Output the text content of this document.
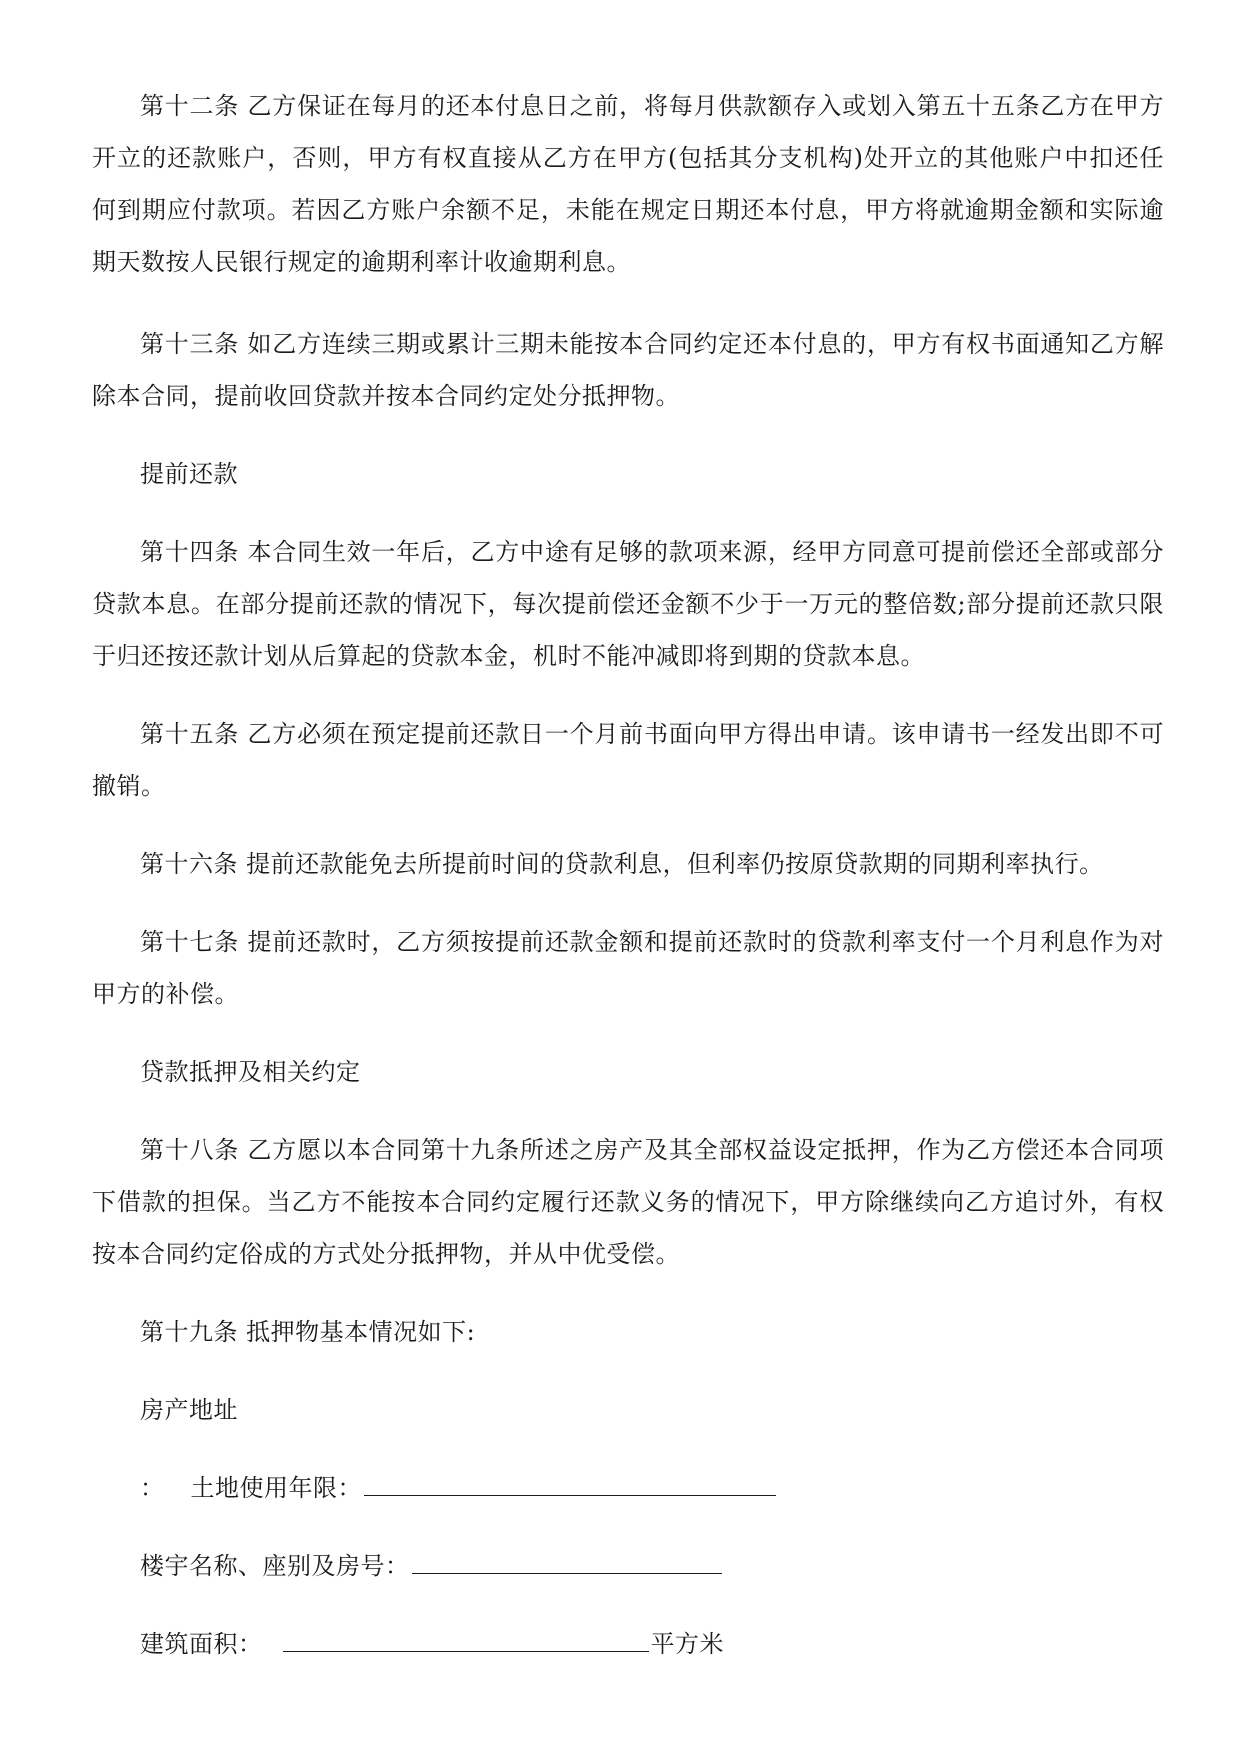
第十二条 乙方保证在每月的还本付息日之前，将每月供款额存入或划入第五十五条乙方在甲方开立的还款账户，否则，甲方有权直接从乙方在甲方(包括其分支机构)处开立的其他账户中扣还任何到期应付款项。若因乙方账户余额不足，未能在规定日期还本付息，甲方将就逾期金额和实际逾期天数按人民银行规定的逾期利率计收逾期利息。

第十三条 如乙方连续三期或累计三期未能按本合同约定还本付息的，甲方有权书面通知乙方解除本合同，提前收回贷款并按本合同约定处分抵押物。

提前还款

第十四条 本合同生效一年后，乙方中途有足够的款项来源，经甲方同意可提前偿还全部或部分贷款本息。在部分提前还款的情况下，每次提前偿还金额不少于一万元的整倍数;部分提前还款只限于归还按还款计划从后算起的贷款本金，机时不能冲减即将到期的贷款本息。

第十五条 乙方必须在预定提前还款日一个月前书面向甲方得出申请。该申请书一经发出即不可撤销。

第十六条 提前还款能免去所提前时间的贷款利息，但利率仍按原贷款期的同期利率执行。

第十七条 提前还款时，乙方须按提前还款金额和提前还款时的贷款利率支付一个月利息作为对甲方的补偿。

贷款抵押及相关约定

第十八条 乙方愿以本合同第十九条所述之房产及其全部权益设定抵押，作为乙方偿还本合同项下借款的担保。当乙方不能按本合同约定履行还款义务的情况下，甲方除继续向乙方追讨外，有权按本合同约定俗成的方式处分抵押物，并从中优受偿。

第十九条 抵押物基本情况如下:

房产地址

： 土地使用年限：

楼宇名称、座别及房号：

建筑面积：	平方米
